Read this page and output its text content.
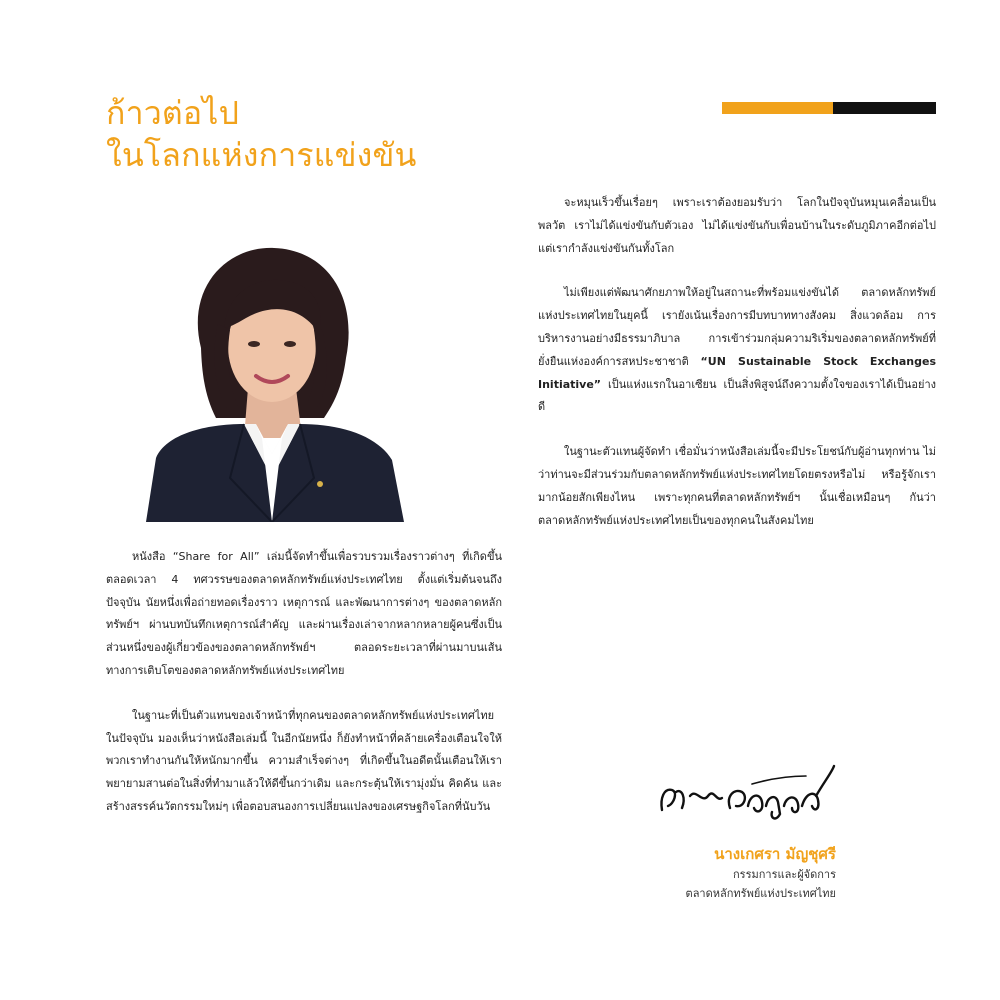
ก้าวต่อไป
ในโลกแห่งการแข่งขัน

หนังสือ “Share for All” เล่มนี้จัดทำขึ้นเพื่อรวบรวมเรื่องราวต่างๆ ที่เกิดขึ้นตลอดเวลา 4 ทศวรรษของตลาดหลักทรัพย์แห่งประเทศไทย ตั้งแต่เริ่มต้นจนถึงปัจจุบัน นัยหนึ่งเพื่อถ่ายทอดเรื่องราว เหตุการณ์ และพัฒนาการต่างๆ ของตลาดหลักทรัพย์ฯ ผ่านบทบันทึกเหตุการณ์สำคัญ และผ่านเรื่องเล่าจากหลากหลายผู้คนซึ่งเป็นส่วนหนึ่งของผู้เกี่ยวข้องของตลาดหลักทรัพย์ฯ ตลอดระยะเวลาที่ผ่านมาบนเส้นทางการเติบโตของตลาดหลักทรัพย์แห่งประเทศไทย

ในฐานะที่เป็นตัวแทนของเจ้าหน้าที่ทุกคนของตลาดหลักทรัพย์แห่งประเทศไทยในปัจจุบัน มองเห็นว่าหนังสือเล่มนี้ ในอีกนัยหนึ่ง ก็ยังทำหน้าที่คล้ายเครื่องเตือนใจให้พวกเราทำงานกันให้หนักมากขึ้น ความสำเร็จต่างๆ ที่เกิดขึ้นในอดีตนั้นเตือนให้เราพยายามสานต่อในสิ่งที่ทำมาแล้วให้ดีขึ้นกว่าเดิม และกระตุ้นให้เรามุ่งมั่น คิดค้น และสร้างสรรค์นวัตกรรมใหม่ๆ เพื่อตอบสนองการเปลี่ยนแปลงของเศรษฐกิจโลกที่นับวัน

จะหมุนเร็วขึ้นเรื่อยๆ เพราะเราต้องยอมรับว่า โลกในปัจจุบันหมุนเคลื่อนเป็นพลวัต เราไม่ได้แข่งขันกับตัวเอง ไม่ได้แข่งขันกับเพื่อนบ้านในระดับภูมิภาคอีกต่อไป แต่เรากำลังแข่งขันกันทั้งโลก

ไม่เพียงแต่พัฒนาศักยภาพให้อยู่ในสถานะที่พร้อมแข่งขันได้ ตลาดหลักทรัพย์แห่งประเทศไทยในยุคนี้ เรายังเน้นเรื่องการมีบทบาททางสังคม สิ่งแวดล้อม การบริหารงานอย่างมีธรรมาภิบาล การเข้าร่วมกลุ่มความริเริ่มของตลาดหลักทรัพย์ที่ยั่งยืนแห่งองค์การสหประชาชาติ “UN Sustainable Stock Exchanges Initiative” เป็นแห่งแรกในอาเซียน เป็นสิ่งพิสูจน์ถึงความตั้งใจของเราได้เป็นอย่างดี

ในฐานะตัวแทนผู้จัดทำ เชื่อมั่นว่าหนังสือเล่มนี้จะมีประโยชน์กับผู้อ่านทุกท่าน ไม่ว่าท่านจะมีส่วนร่วมกับตลาดหลักทรัพย์แห่งประเทศไทยโดยตรงหรือไม่ หรือรู้จักเรามากน้อยสักเพียงไหน เพราะทุกคนที่ตลาดหลักทรัพย์ฯ นั้นเชื่อเหมือนๆ กันว่า ตลาดหลักทรัพย์แห่งประเทศไทยเป็นของทุกคนในสังคมไทย

นางเกศรา มัญชุศรี
กรรมการและผู้จัดการ
ตลาดหลักทรัพย์แห่งประเทศไทย
